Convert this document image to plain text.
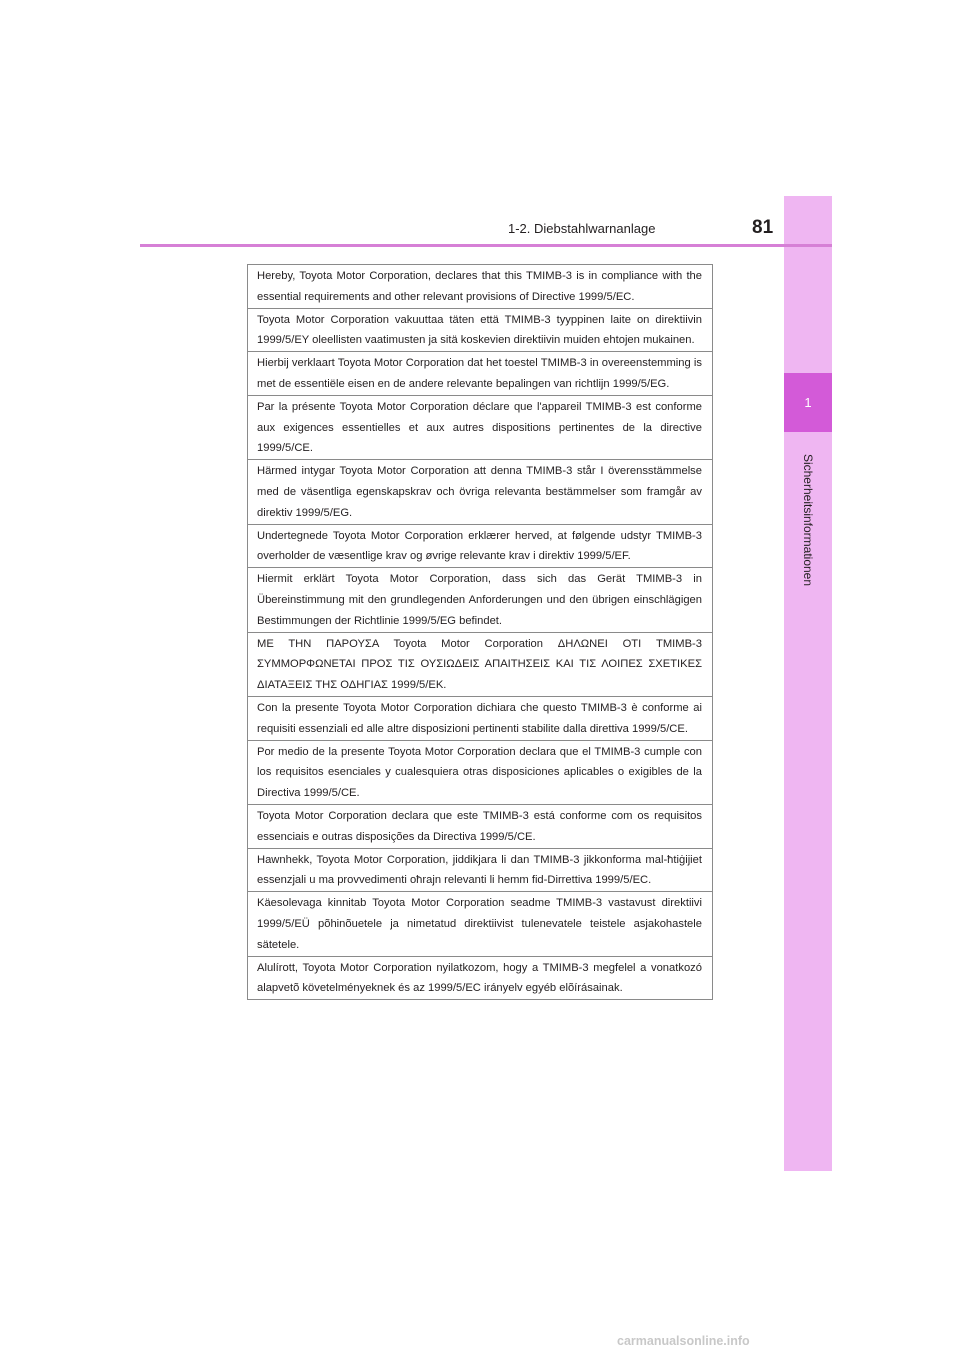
1
Sicherheitsinformationen
1-2. Diebstahlwarnanlage	81
Hereby, Toyota Motor Corporation, declares that this TMIMB-3 is in compliance with the essential requirements and other relevant provisions of Directive 1999/5/EC.
Toyota Motor Corporation vakuuttaa täten että TMIMB-3 tyyppinen laite on direktiivin 1999/5/EY oleellisten vaatimusten ja sitä koskevien direktiivin muiden ehtojen mukainen.
Hierbij verklaart Toyota Motor Corporation dat het toestel TMIMB-3 in overeenstemming is met de essentiële eisen en de andere relevante bepalingen van richtlijn 1999/5/EG.
Par la présente Toyota Motor Corporation déclare que l'appareil TMIMB-3 est conforme aux exigences essentielles et aux autres dispositions pertinentes de la directive 1999/5/CE.
Härmed intygar Toyota Motor Corporation att denna TMIMB-3 står I överensstämmelse med de väsentliga egenskapskrav och övriga relevanta bestämmelser som framgår av direktiv 1999/5/EG.
Undertegnede Toyota Motor Corporation erklærer herved, at følgende udstyr TMIMB-3 overholder de væsentlige krav og øvrige relevante krav i direktiv 1999/5/EF.
Hiermit erklärt Toyota Motor Corporation, dass sich das Gerät TMIMB-3 in Übereinstimmung mit den grundlegenden Anforderungen und den übrigen einschlägigen Bestimmungen der Richtlinie 1999/5/EG befindet.
ΜΕ ΤΗΝ ΠΑΡΟΥΣΑ Toyota Motor Corporation ΔΗΛΩΝΕΙ ΟΤΙ TMIMB-3 ΣΥΜΜΟΡΦΩΝΕΤΑΙ ΠΡΟΣ ΤΙΣ ΟΥΣΙΩΔΕΙΣ ΑΠΑΙΤΗΣΕΙΣ ΚΑΙ ΤΙΣ ΛΟΙΠΕΣ ΣΧΕΤΙΚΕΣ ΔΙΑΤΑΞΕΙΣ ΤΗΣ ΟΔΗΓΙΑΣ 1999/5/ΕΚ.
Con la presente Toyota Motor Corporation dichiara che questo TMIMB-3 è conforme ai requisiti essenziali ed alle altre disposizioni pertinenti stabilite dalla direttiva 1999/5/CE.
Por medio de la presente Toyota Motor Corporation declara que el TMIMB-3 cumple con los requisitos esenciales y cualesquiera otras disposiciones aplicables o exigibles de la Directiva 1999/5/CE.
Toyota Motor Corporation declara que este TMIMB-3 está conforme com os requisitos essenciais e outras disposições da Directiva 1999/5/CE.
Hawnhekk, Toyota Motor Corporation, jiddikjara li dan TMIMB-3 jikkonforma mal-ħtiġijiet essenzjali u ma provvedimenti oħrajn relevanti li hemm fid-Dirrettiva 1999/5/EC.
Käesolevaga kinnitab Toyota Motor Corporation seadme TMIMB-3 vastavust direktiivi 1999/5/EÜ põhinõuetele ja nimetatud direktiivist tulenevatele teistele asjakohastele sätetele.
Alulírott, Toyota Motor Corporation nyilatkozom, hogy a TMIMB-3 megfelel a vonatkozó alapvetõ követelményeknek és az 1999/5/EC irányelv egyéb elõírásainak.
carmanualsonline.info
